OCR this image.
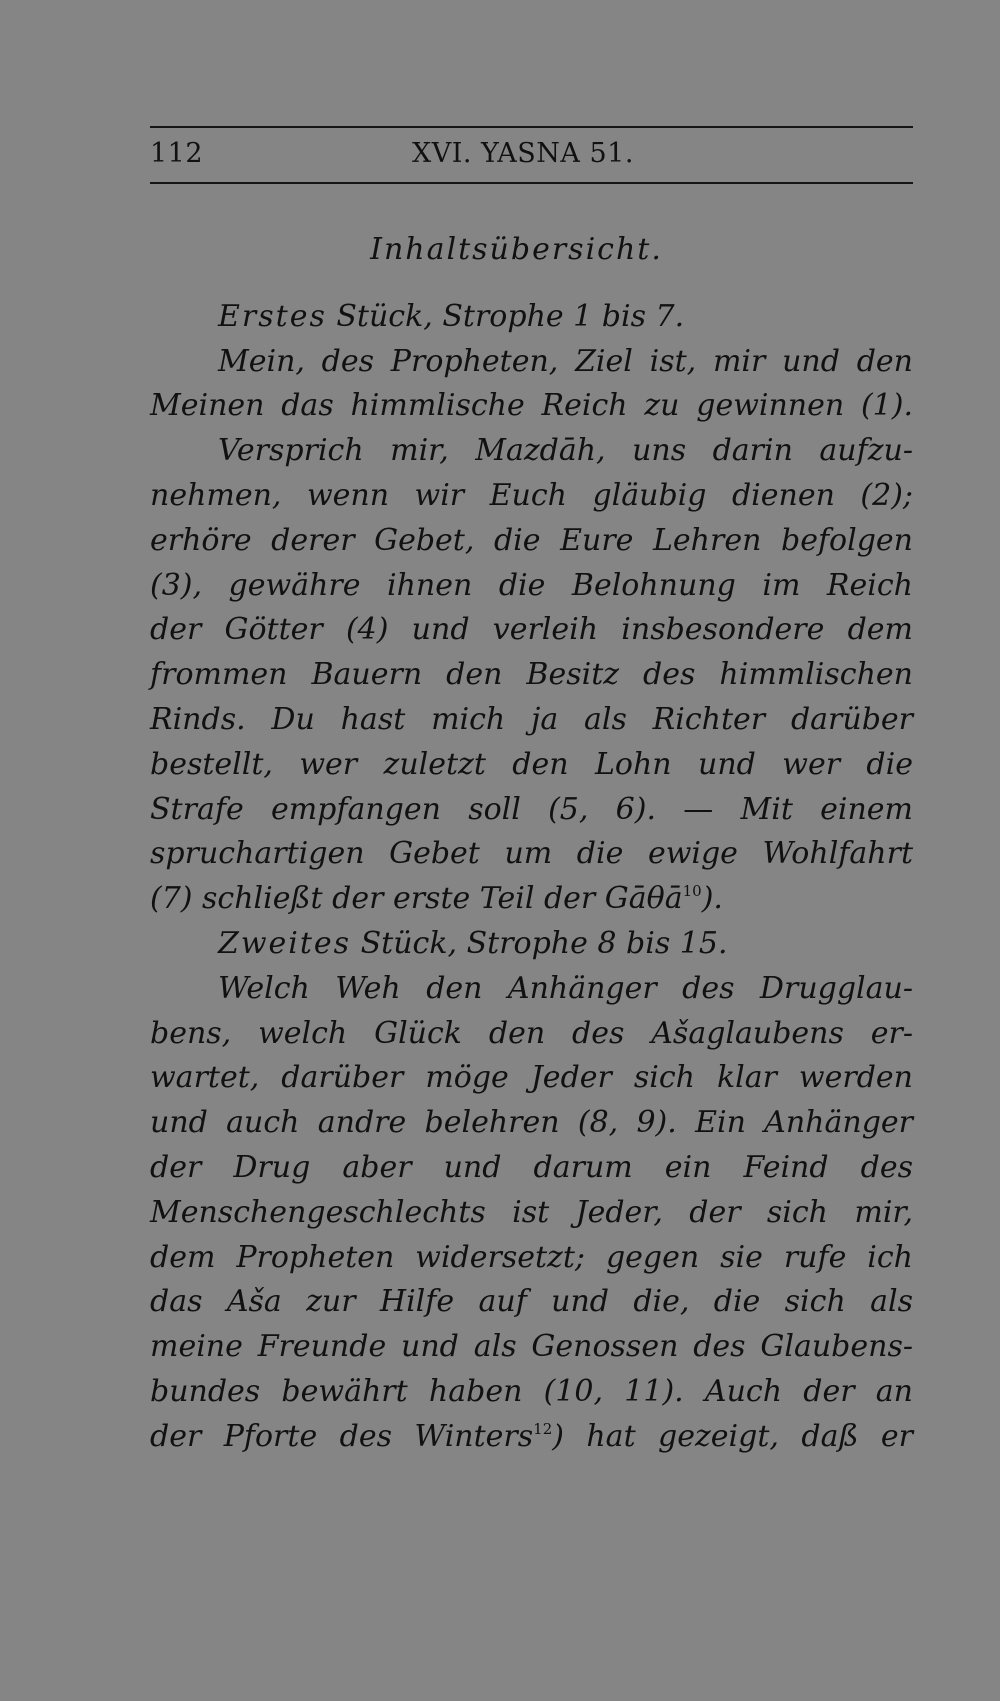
112	XVI. YASNA 51.
Inhaltsübersicht.
Erstes Stück, Strophe 1 bis 7.
Mein, des Propheten, Ziel ist, mir und den
Meinen das himmlische Reich zu gewinnen (1).
Versprich mir, Mazdāh, uns darin aufzu-
nehmen, wenn wir Euch gläubig dienen (2);
erhöre derer Gebet, die Eure Lehren befolgen
(3), gewähre ihnen die Belohnung im Reich
der Götter (4) und verleih insbesondere dem
frommen Bauern den Besitz des himmlischen
Rinds. Du hast mich ja als Richter darüber
bestellt, wer zuletzt den Lohn und wer die
Strafe empfangen soll (5, 6). — Mit einem
spruchartigen Gebet um die ewige Wohlfahrt
(7) schließt der erste Teil der Gāθā$^{10}$).
Zweites Stück, Strophe 8 bis 15.
Welch Weh den Anhänger des Drugglau-
bens, welch Glück den des Ašaglaubens er-
wartet, darüber möge Jeder sich klar werden
und auch andre belehren (8, 9). Ein Anhänger
der Drug aber und darum ein Feind des
Menschengeschlechts ist Jeder, der sich mir,
dem Propheten widersetzt; gegen sie rufe ich
das Aša zur Hilfe auf und die, die sich als
meine Freunde und als Genossen des Glaubens-
bundes bewährt haben (10, 11). Auch der an
der Pforte des Winters$^{12}$) hat gezeigt, daß er
